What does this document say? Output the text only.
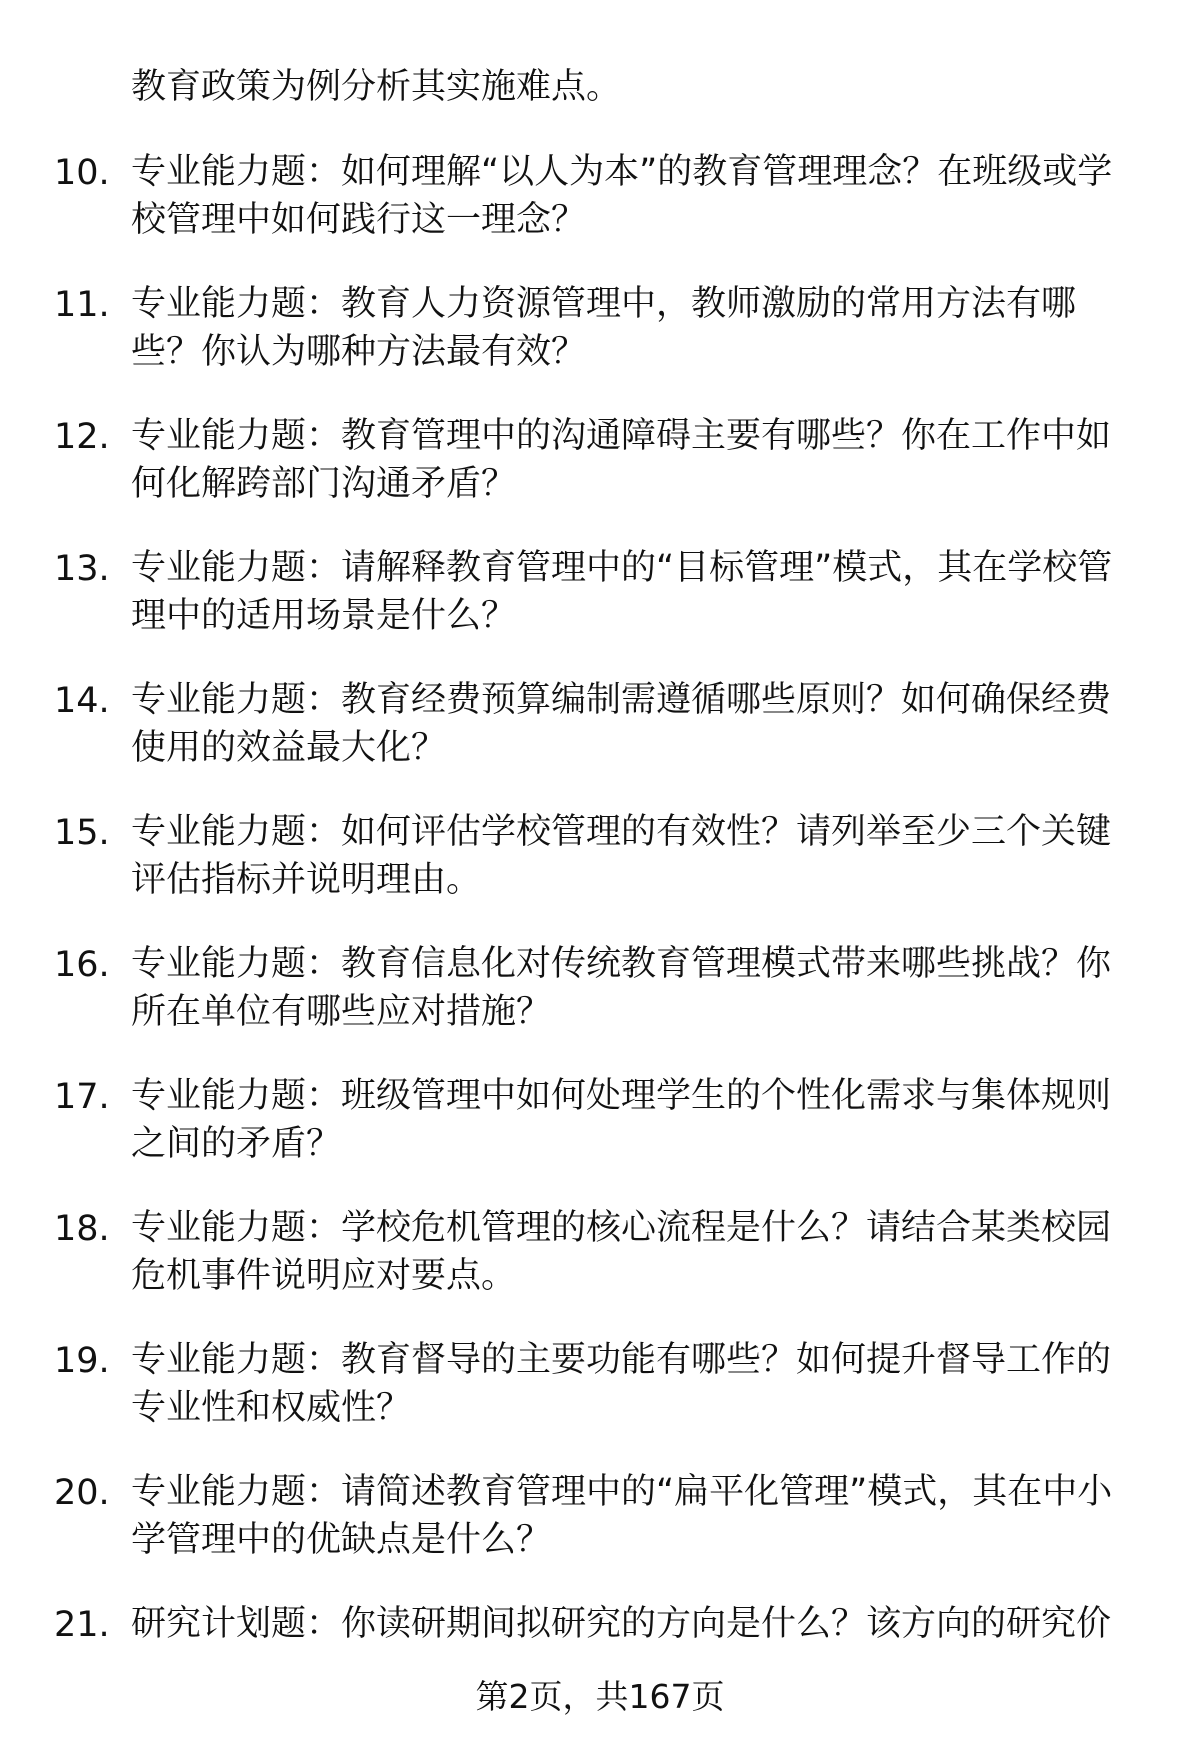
教育政策为例分析其实施难点。
10. 专业能力题：如何理解“以人为本”的教育管理理念？在班级或学校管理中如何践行这一理念？
11. 专业能力题：教育人力资源管理中，教师激励的常用方法有哪些？你认为哪种方法最有效？
12. 专业能力题：教育管理中的沟通障碍主要有哪些？你在工作中如何化解跨部门沟通矛盾？
13. 专业能力题：请解释教育管理中的“目标管理”模式，其在学校管理中的适用场景是什么？
14. 专业能力题：教育经费预算编制需遵循哪些原则？如何确保经费使用的效益最大化？
15. 专业能力题：如何评估学校管理的有效性？请列举至少三个关键评估指标并说明理由。
16. 专业能力题：教育信息化对传统教育管理模式带来哪些挑战？你所在单位有哪些应对措施？
17. 专业能力题：班级管理中如何处理学生的个性化需求与集体规则之间的矛盾？
18. 专业能力题：学校危机管理的核心流程是什么？请结合某类校园危机事件说明应对要点。
19. 专业能力题：教育督导的主要功能有哪些？如何提升督导工作的专业性和权威性？
20. 专业能力题：请简述教育管理中的“扁平化管理”模式，其在中小学管理中的优缺点是什么？
21. 研究计划题：你读研期间拟研究的方向是什么？该方向的研究价
第2页，共167页
